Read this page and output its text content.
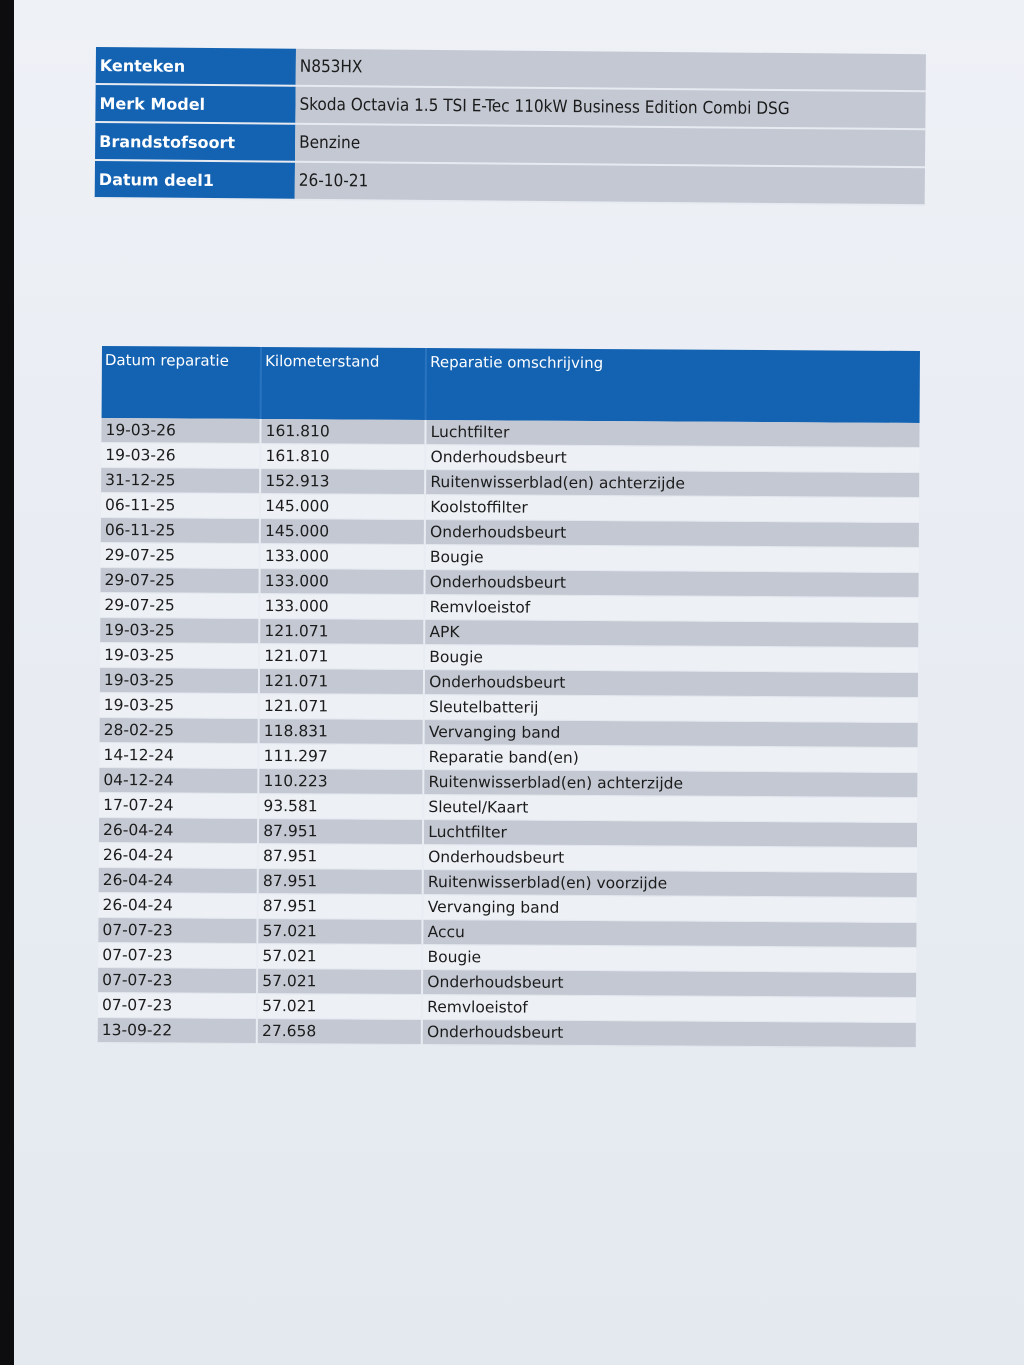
Kenteken	N853HX
Merk Model	Skoda Octavia 1.5 TSI E-Tec 110kW Business Edition Combi DSG
Brandstofsoort	Benzine
Datum deel1	26-10-21
Datum reparatie	Kilometerstand	Reparatie omschrijving
19-03-26	161.810	Luchtfilter
19-03-26	161.810	Onderhoudsbeurt
31-12-25	152.913	Ruitenwisserblad(en) achterzijde
06-11-25	145.000	Koolstoffilter
06-11-25	145.000	Onderhoudsbeurt
29-07-25	133.000	Bougie
29-07-25	133.000	Onderhoudsbeurt
29-07-25	133.000	Remvloeistof
19-03-25	121.071	APK
19-03-25	121.071	Bougie
19-03-25	121.071	Onderhoudsbeurt
19-03-25	121.071	Sleutelbatterij
28-02-25	118.831	Vervanging band
14-12-24	111.297	Reparatie band(en)
04-12-24	110.223	Ruitenwisserblad(en) achterzijde
17-07-24	93.581	Sleutel/Kaart
26-04-24	87.951	Luchtfilter
26-04-24	87.951	Onderhoudsbeurt
26-04-24	87.951	Ruitenwisserblad(en) voorzijde
26-04-24	87.951	Vervanging band
07-07-23	57.021	Accu
07-07-23	57.021	Bougie
07-07-23	57.021	Onderhoudsbeurt
07-07-23	57.021	Remvloeistof
13-09-22	27.658	Onderhoudsbeurt
